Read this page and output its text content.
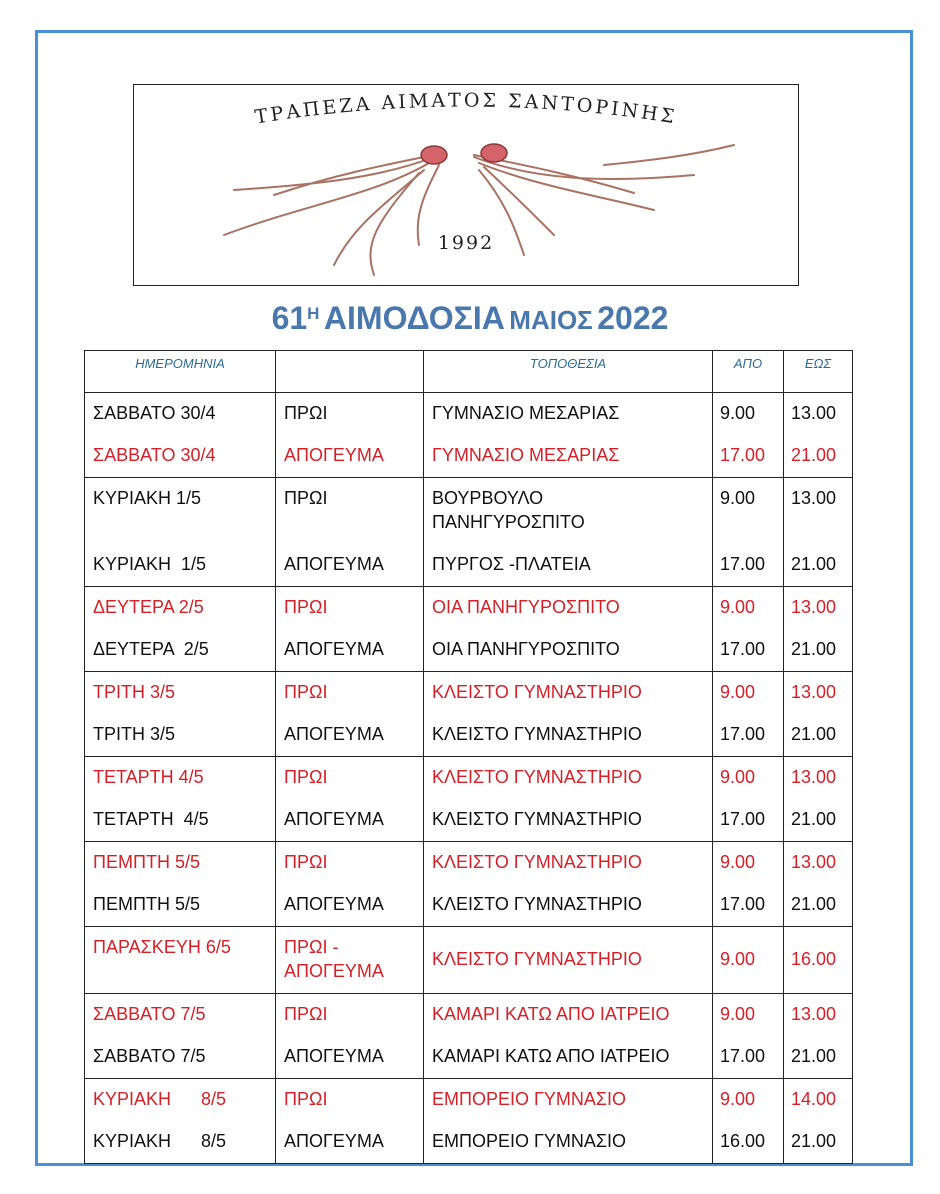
ΤΡΑΠΕΖΑ ΑΙΜΑΤΟΣ ΣΑΝΤΟΡΙΝΗΣ
1992
61Η ΑΙΜΟΔΟΣΙΑ ΜΑΙΟΣ 2022
ΗΜΕΡΟΜΗΝΙΑ		ΤΟΠΟΘΕΣΙΑ	ΑΠΟ	ΕΩΣ

ΣΑΒΒΑΤΟ 30/4	ΠΡΩΙ	ΓΥΜΝΑΣΙΟ ΜΕΣΑΡΙΑΣ	9.00	13.00

ΣΑΒΒΑΤΟ 30/4	ΑΠΟΓΕΥΜΑ	ΓΥΜΝΑΣΙΟ ΜΕΣΑΡΙΑΣ	17.00	21.00

ΚΥΡΙΑΚΗ 1/5	ΠΡΩΙ	ΒΟΥΡΒΟΥΛΟ ΠΑΝΗΓΥΡΟΣΠΙΤΟ	9.00	13.00

ΚΥΡΙΑΚΗ  1/5	ΑΠΟΓΕΥΜΑ	ΠΥΡΓΟΣ -ΠΛΑΤΕΙΑ	17.00	21.00

ΔΕΥΤΕΡΑ 2/5	ΠΡΩΙ	ΟΙΑ ΠΑΝΗΓΥΡΟΣΠΙΤΟ	9.00	13.00

ΔΕΥΤΕΡΑ  2/5	ΑΠΟΓΕΥΜΑ	ΟΙΑ ΠΑΝΗΓΥΡΟΣΠΙΤΟ	17.00	21.00

ΤΡΙΤΗ 3/5	ΠΡΩΙ	ΚΛΕΙΣΤΟ ΓΥΜΝΑΣΤΗΡΙΟ	9.00	13.00

ΤΡΙΤΗ 3/5	ΑΠΟΓΕΥΜΑ	ΚΛΕΙΣΤΟ ΓΥΜΝΑΣΤΗΡΙΟ	17.00	21.00

ΤΕΤΑΡΤΗ 4/5	ΠΡΩΙ	ΚΛΕΙΣΤΟ ΓΥΜΝΑΣΤΗΡΙΟ	9.00	13.00

ΤΕΤΑΡΤΗ  4/5	ΑΠΟΓΕΥΜΑ	ΚΛΕΙΣΤΟ ΓΥΜΝΑΣΤΗΡΙΟ	17.00	21.00

ΠΕΜΠΤΗ 5/5	ΠΡΩΙ	ΚΛΕΙΣΤΟ ΓΥΜΝΑΣΤΗΡΙΟ	9.00	13.00

ΠΕΜΠΤΗ 5/5	ΑΠΟΓΕΥΜΑ	ΚΛΕΙΣΤΟ ΓΥΜΝΑΣΤΗΡΙΟ	17.00	21.00

ΠΑΡΑΣΚΕΥΗ 6/5	ΠΡΩΙ - ΑΠΟΓΕΥΜΑ	ΚΛΕΙΣΤΟ ΓΥΜΝΑΣΤΗΡΙΟ	9.00	16.00

ΣΑΒΒΑΤΟ 7/5	ΠΡΩΙ	ΚΑΜΑΡΙ ΚΑΤΩ ΑΠΟ ΙΑΤΡΕΙΟ	9.00	13.00

ΣΑΒΒΑΤΟ 7/5	ΑΠΟΓΕΥΜΑ	ΚΑΜΑΡΙ ΚΑΤΩ ΑΠΟ ΙΑΤΡΕΙΟ	17.00	21.00

ΚΥΡΙΑΚΗ      8/5	ΠΡΩΙ	ΕΜΠΟΡΕΙΟ ΓΥΜΝΑΣΙΟ	9.00	14.00

ΚΥΡΙΑΚΗ      8/5	ΑΠΟΓΕΥΜΑ	ΕΜΠΟΡΕΙΟ ΓΥΜΝΑΣΙΟ	16.00	21.00
